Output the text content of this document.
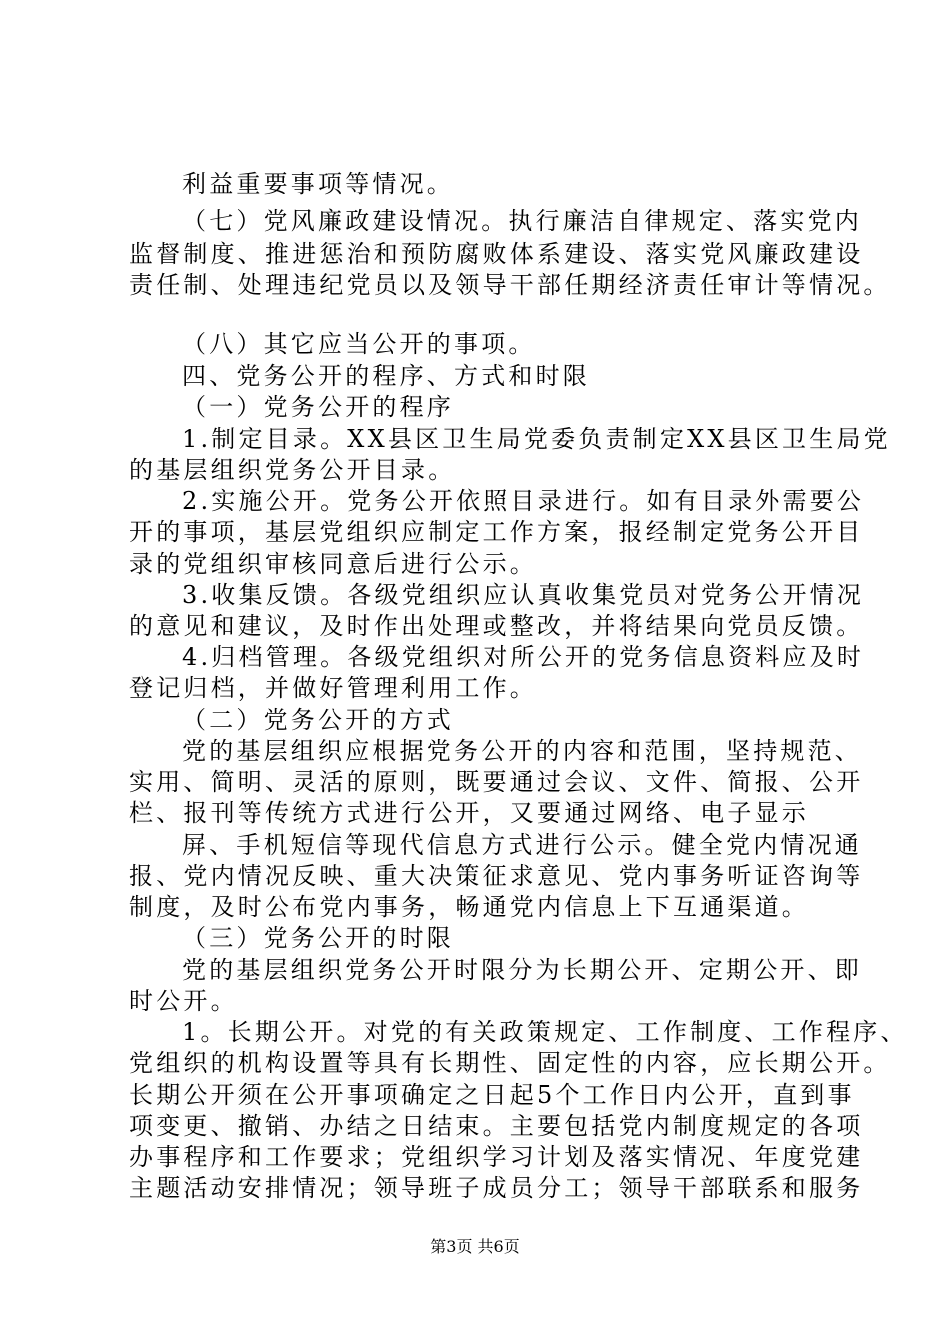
利益重要事项等情况。
（七）党风廉政建设情况。执行廉洁自律规定、落实党内
监督制度、推进惩治和预防腐败体系建设、落实党风廉政建设
责任制、处理违纪党员以及领导干部任期经济责任审计等情况。
（八）其它应当公开的事项。
四、党务公开的程序、方式和时限
（一）党务公开的程序
1.制定目录。XX县区卫生局党委负责制定XX县区卫生局党
的基层组织党务公开目录。
2.实施公开。党务公开依照目录进行。如有目录外需要公
开的事项，基层党组织应制定工作方案，报经制定党务公开目
录的党组织审核同意后进行公示。
3.收集反馈。各级党组织应认真收集党员对党务公开情况
的意见和建议，及时作出处理或整改，并将结果向党员反馈。
4.归档管理。各级党组织对所公开的党务信息资料应及时
登记归档，并做好管理利用工作。
（二）党务公开的方式
党的基层组织应根据党务公开的内容和范围，坚持规范、
实用、简明、灵活的原则，既要通过会议、文件、简报、公开
栏、报刊等传统方式进行公开，又要通过网络、电子显示
屏、手机短信等现代信息方式进行公示。健全党内情况通
报、党内情况反映、重大决策征求意见、党内事务听证咨询等
制度，及时公布党内事务，畅通党内信息上下互通渠道。
（三）党务公开的时限
党的基层组织党务公开时限分为长期公开、定期公开、即
时公开。
1。长期公开。对党的有关政策规定、工作制度、工作程序、
党组织的机构设置等具有长期性、固定性的内容，应长期公开。
长期公开须在公开事项确定之日起5个工作日内公开，直到事
项变更、撤销、办结之日结束。主要包括党内制度规定的各项
办事程序和工作要求；党组织学习计划及落实情况、年度党建
主题活动安排情况；领导班子成员分工；领导干部联系和服务
第3页 共6页
